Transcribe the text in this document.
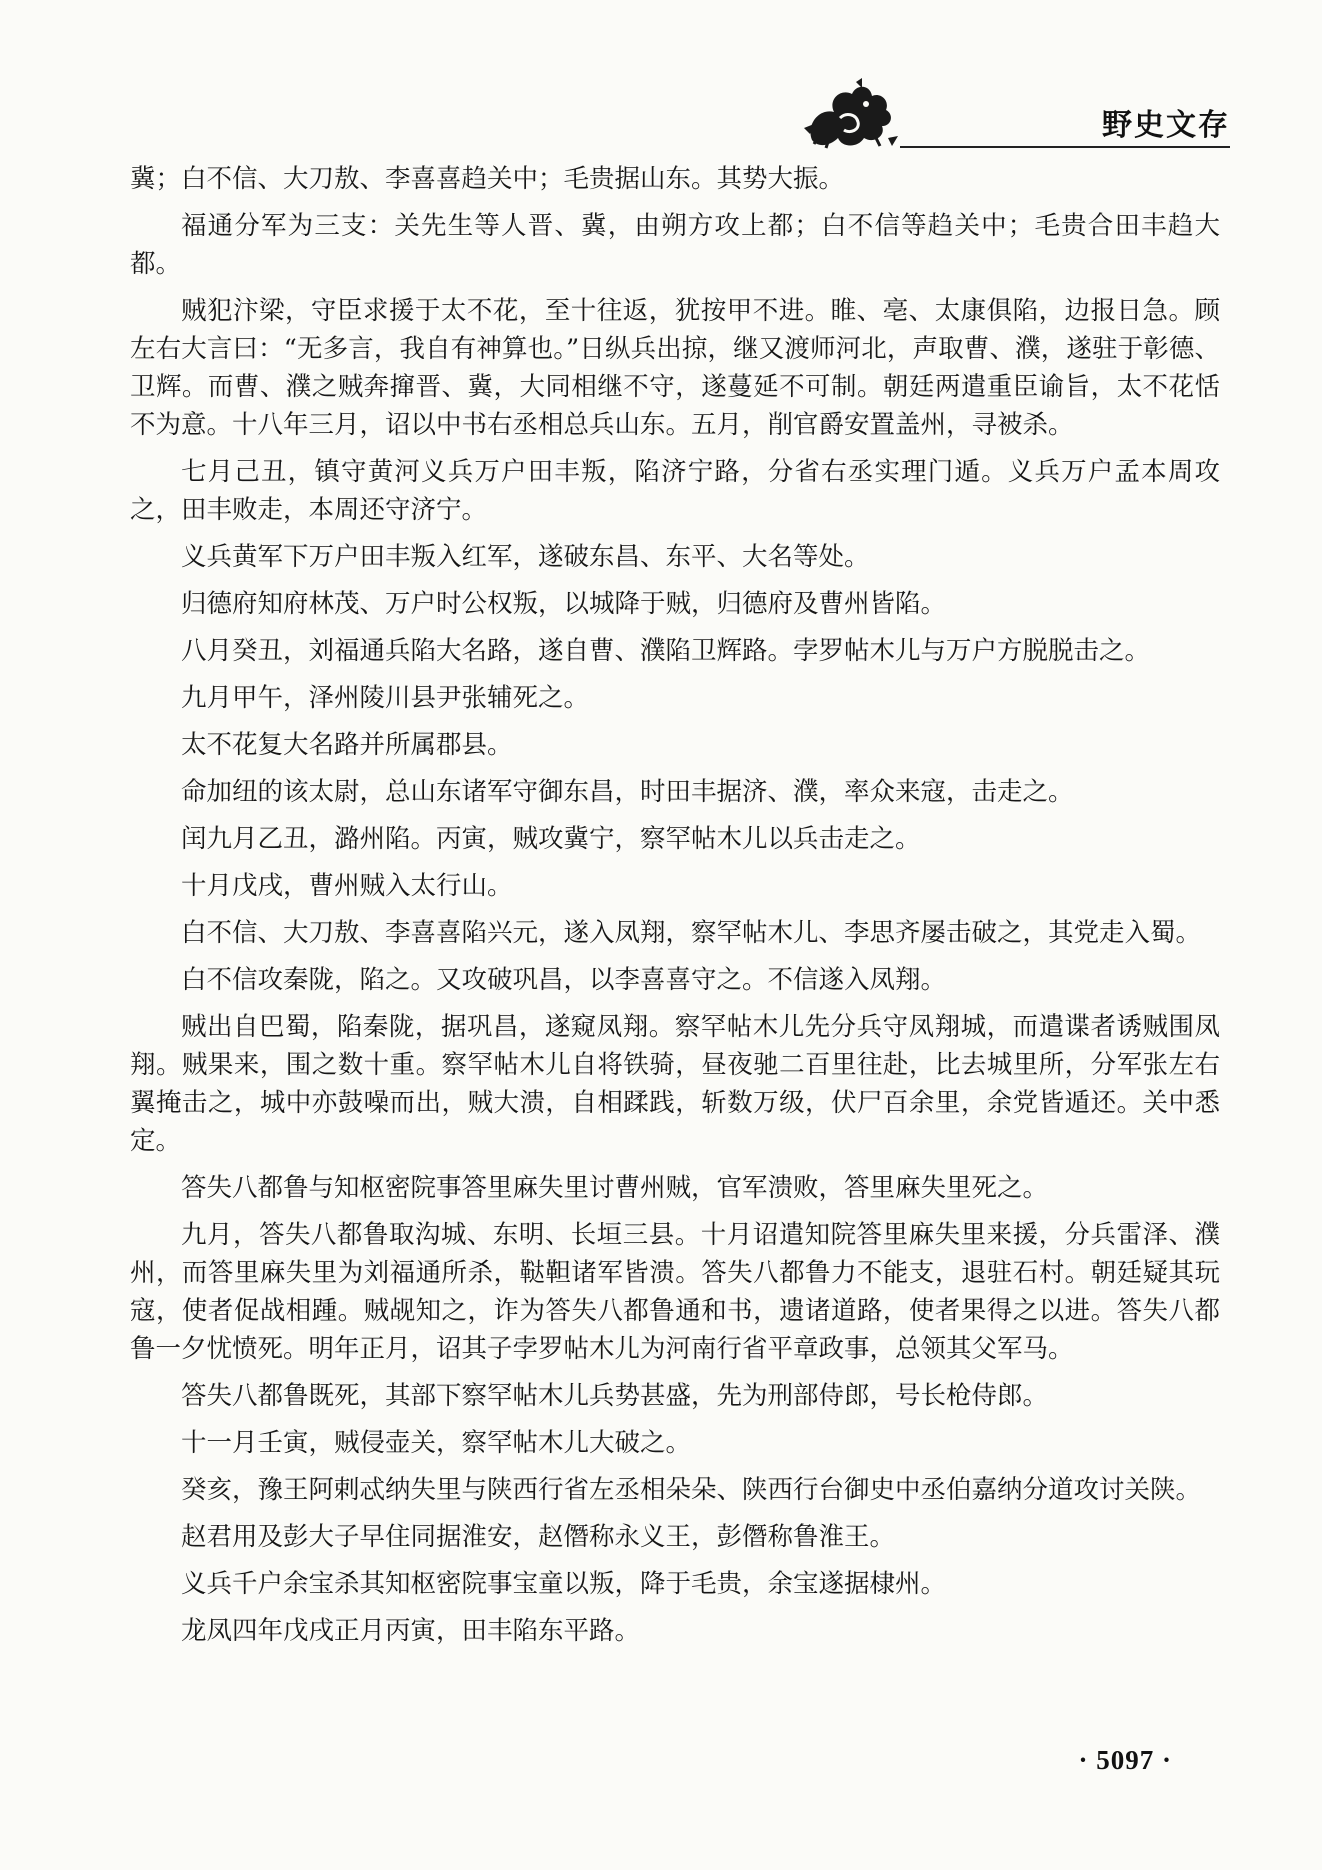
野史文存

冀；白不信、大刀敖、李喜喜趋关中；毛贵据山东。其势大振。

福通分军为三支：关先生等人晋、冀，由朔方攻上都；白不信等趋关中；毛贵合田丰趋大都。

贼犯汴梁，守臣求援于太不花，至十往返，犹按甲不进。睢、亳、太康俱陷，边报日急。顾左右大言曰：“无多言，我自有神算也。”日纵兵出掠，继又渡师河北，声取曹、濮，遂驻于彰德、卫辉。而曹、濮之贼奔撺晋、冀，大同相继不守，遂蔓延不可制。朝廷两遣重臣谕旨，太不花恬不为意。十八年三月，诏以中书右丞相总兵山东。五月，削官爵安置盖州，寻被杀。

七月己丑，镇守黄河义兵万户田丰叛，陷济宁路，分省右丞实理门遁。义兵万户孟本周攻之，田丰败走，本周还守济宁。

义兵黄军下万户田丰叛入红军，遂破东昌、东平、大名等处。

归德府知府林茂、万户时公权叛，以城降于贼，归德府及曹州皆陷。

八月癸丑，刘福通兵陷大名路，遂自曹、濮陷卫辉路。孛罗帖木儿与万户方脱脱击之。

九月甲午，泽州陵川县尹张辅死之。

太不花复大名路并所属郡县。

命加纽的该太尉，总山东诸军守御东昌，时田丰据济、濮，率众来寇，击走之。

闰九月乙丑，潞州陷。丙寅，贼攻冀宁，察罕帖木儿以兵击走之。

十月戊戌，曹州贼入太行山。

白不信、大刀敖、李喜喜陷兴元，遂入凤翔，察罕帖木儿、李思齐屡击破之，其党走入蜀。

白不信攻秦陇，陷之。又攻破巩昌，以李喜喜守之。不信遂入凤翔。

贼出自巴蜀，陷秦陇，据巩昌，遂窥凤翔。察罕帖木儿先分兵守凤翔城，而遣谍者诱贼围凤翔。贼果来，围之数十重。察罕帖木儿自将铁骑，昼夜驰二百里往赴，比去城里所，分军张左右翼掩击之，城中亦鼓噪而出，贼大溃，自相蹂践，斩数万级，伏尸百余里，余党皆遁还。关中悉定。

答失八都鲁与知枢密院事答里麻失里讨曹州贼，官军溃败，答里麻失里死之。

九月，答失八都鲁取沟城、东明、长垣三县。十月诏遣知院答里麻失里来援，分兵雷泽、濮州，而答里麻失里为刘福通所杀，鞑靼诸军皆溃。答失八都鲁力不能支，退驻石村。朝廷疑其玩寇，使者促战相踵。贼觇知之，诈为答失八都鲁通和书，遗诸道路，使者果得之以进。答失八都鲁一夕忧愤死。明年正月，诏其子孛罗帖木儿为河南行省平章政事，总领其父军马。

答失八都鲁既死，其部下察罕帖木儿兵势甚盛，先为刑部侍郎，号长枪侍郎。

十一月壬寅，贼侵壶关，察罕帖木儿大破之。

癸亥，豫王阿剌忒纳失里与陕西行省左丞相朵朵、陕西行台御史中丞伯嘉纳分道攻讨关陕。

赵君用及彭大子早住同据淮安，赵僭称永义王，彭僭称鲁淮王。

义兵千户余宝杀其知枢密院事宝童以叛，降于毛贵，余宝遂据棣州。

龙凤四年戊戌正月丙寅，田丰陷东平路。

· 5097 ·
